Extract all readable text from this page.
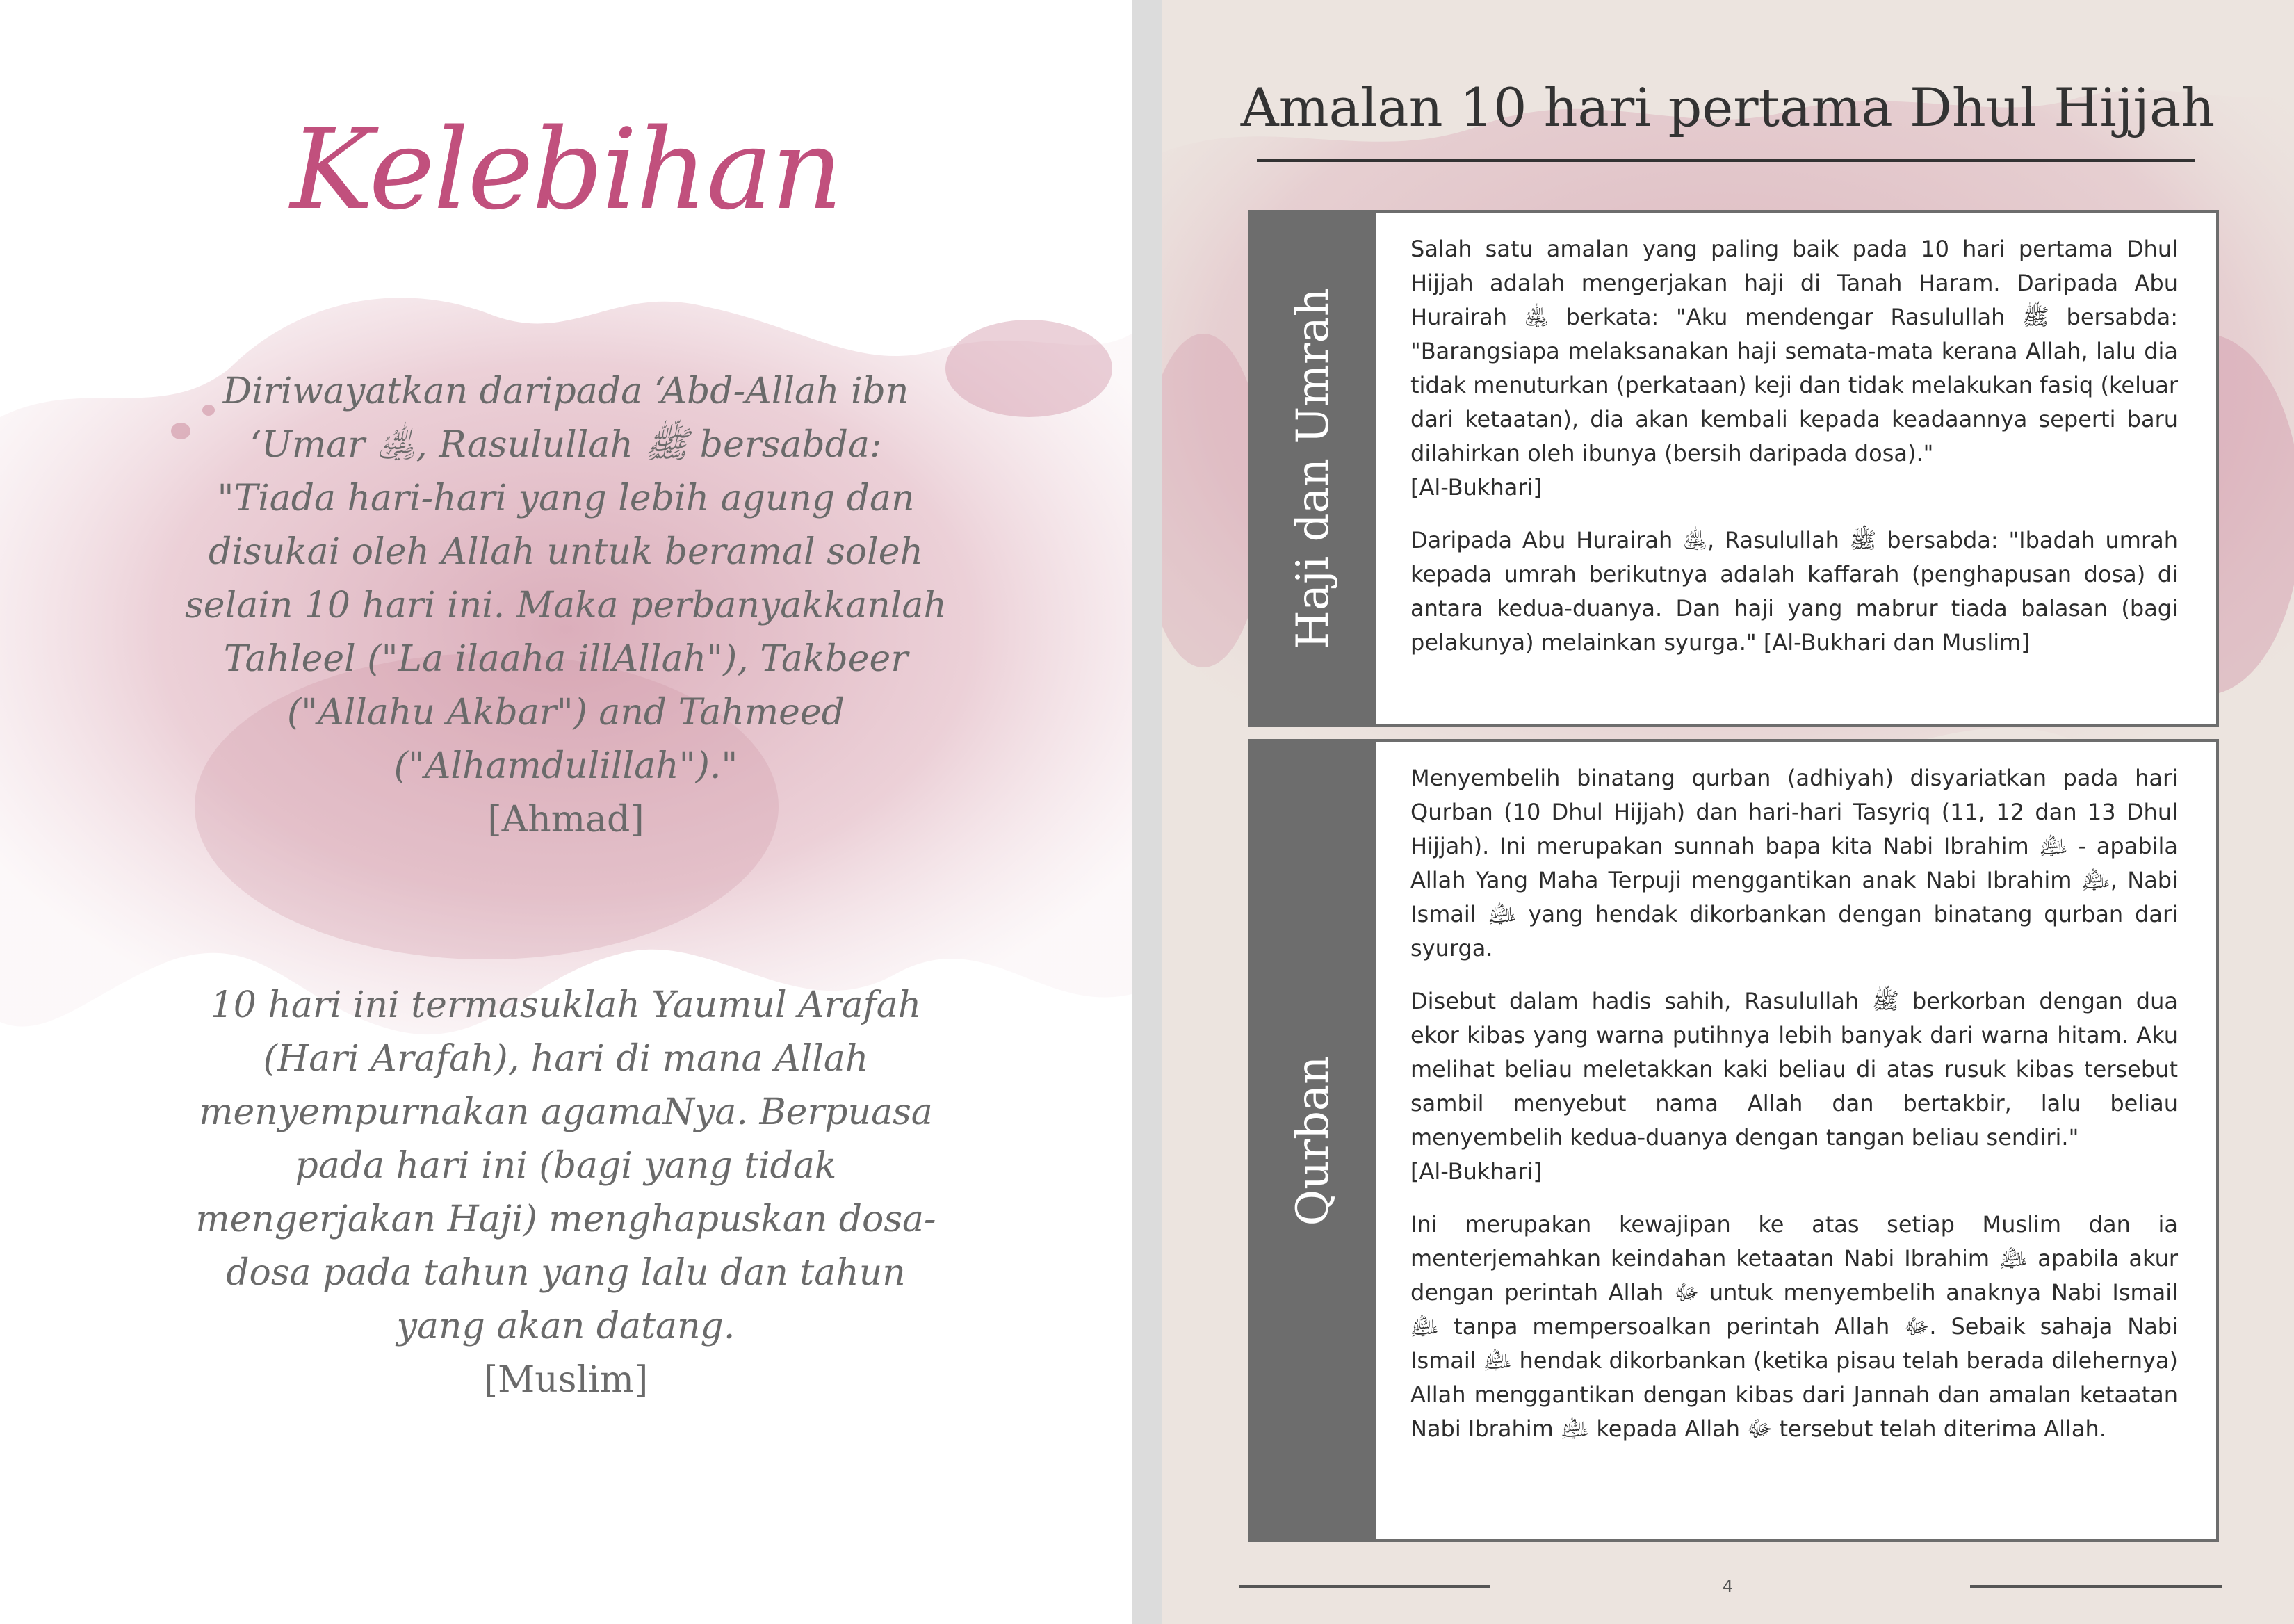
Kelebihan
Diriwayatkan daripada ‘Abd-Allah ibn
‘Umar ﵁, Rasulullah ﷺ bersabda:
"Tiada hari-hari yang lebih agung dan
disukai oleh Allah untuk beramal soleh
selain 10 hari ini. Maka perbanyakkanlah
Tahleel ("La ilaaha illAllah"), Takbeer
("Allahu Akbar") and Tahmeed
("Alhamdulillah")."
[Ahmad]
10 hari ini termasuklah Yaumul Arafah
(Hari Arafah), hari di mana Allah
menyempurnakan agamaNya. Berpuasa
pada hari ini (bagi yang tidak
mengerjakan Haji) menghapuskan dosa-
dosa pada tahun yang lalu dan tahun
yang akan datang.
[Muslim]
Amalan 10 hari pertama Dhul Hijjah
Haji dan Umrah

Salah satu amalan yang paling baik pada 10 hari pertama Dhul Hijjah adalah mengerjakan haji di Tanah Haram. Daripada Abu Hurairah ﵁ berkata: "Aku mendengar Rasulullah ﷺ bersabda: "Barangsiapa melaksanakan haji semata-mata kerana Allah, lalu dia tidak menuturkan (perkataan) keji dan tidak melakukan fasiq (keluar dari ketaatan), dia akan kembali kepada keadaannya seperti baru dilahirkan oleh ibunya (bersih daripada dosa)."

[Al-Bukhari]

Daripada Abu Hurairah ﵁, Rasulullah ﷺ bersabda: "Ibadah umrah kepada umrah berikutnya adalah kaffarah (penghapusan dosa) di antara kedua-duanya. Dan haji yang mabrur tiada balasan (bagi pelakunya) melainkan syurga." [Al-Bukhari dan Muslim]

Qurban

Menyembelih binatang qurban (adhiyah) disyariatkan pada hari Qurban (10 Dhul Hijjah) dan hari-hari Tasyriq (11, 12 dan 13 Dhul Hijjah). Ini merupakan sunnah bapa kita Nabi Ibrahim ﵇ - apabila Allah Yang Maha Terpuji menggantikan anak Nabi Ibrahim ﵇, Nabi Ismail ﵇ yang hendak dikorbankan dengan binatang qurban dari syurga.

Disebut dalam hadis sahih, Rasulullah ﷺ berkorban dengan dua ekor kibas yang warna putihnya lebih banyak dari warna hitam. Aku melihat beliau meletakkan kaki beliau di atas rusuk kibas tersebut sambil menyebut nama Allah dan bertakbir, lalu beliau menyembelih kedua-duanya dengan tangan beliau sendiri."

[Al-Bukhari]

Ini merupakan kewajipan ke atas setiap Muslim dan ia menterjemahkan keindahan ketaatan Nabi Ibrahim ﵇ apabila akur dengan perintah Allah ﷻ untuk menyembelih anaknya Nabi Ismail ﵇ tanpa mempersoalkan perintah Allah ﷻ. Sebaik sahaja Nabi Ismail ﵇ hendak dikorbankan (ketika pisau telah berada dilehernya) Allah menggantikan dengan kibas dari Jannah dan amalan ketaatan Nabi Ibrahim ﵇ kepada Allah ﷻ tersebut telah diterima Allah.

4
